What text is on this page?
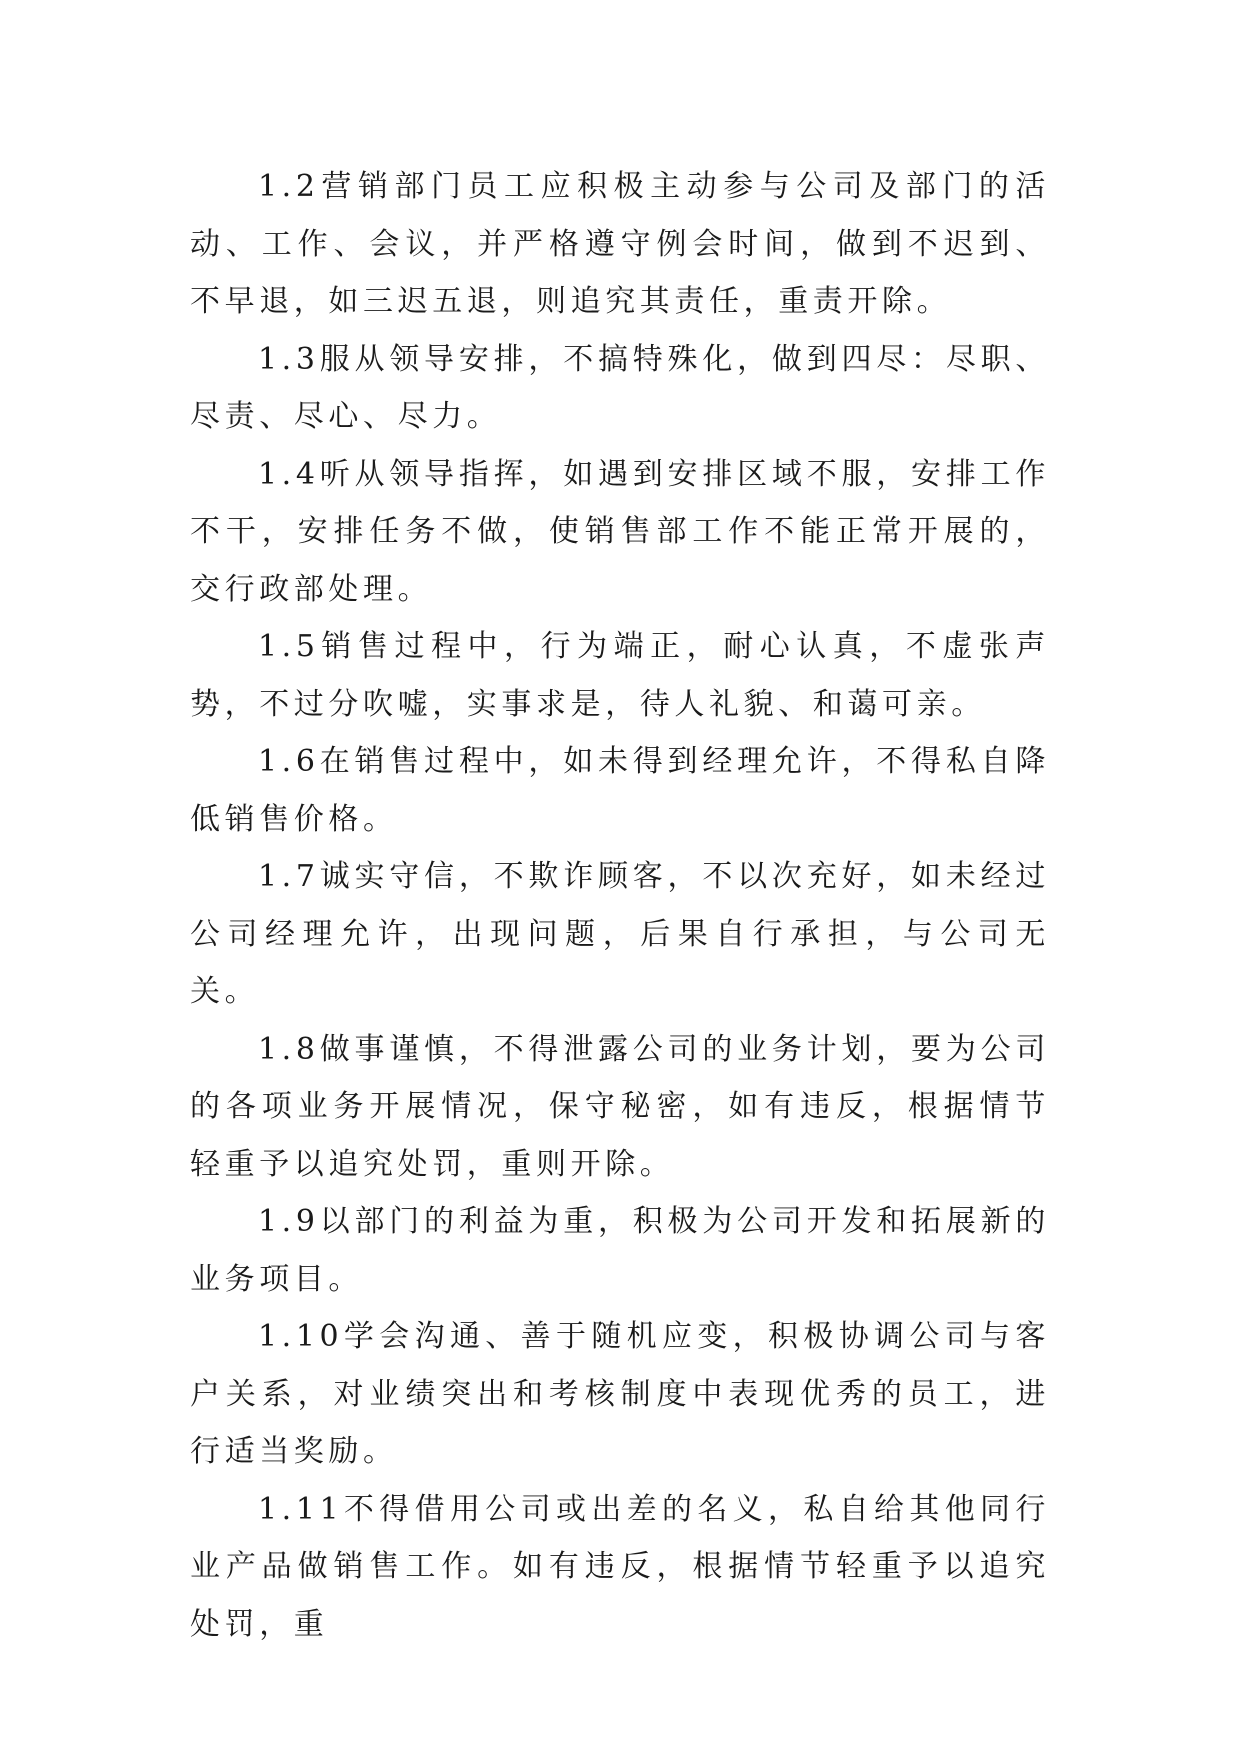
1.2营销部门员工应积极主动参与公司及部门的活动、工作、会议，并严格遵守例会时间，做到不迟到、不早退，如三迟五退，则追究其责任，重责开除。

1.3服从领导安排，不搞特殊化，做到四尽：尽职、尽责、尽心、尽力。

1.4听从领导指挥，如遇到安排区域不服，安排工作不干，安排任务不做，使销售部工作不能正常开展的，交行政部处理。

1.5销售过程中，行为端正，耐心认真，不虚张声势，不过分吹嘘，实事求是，待人礼貌、和蔼可亲。

1.6在销售过程中，如未得到经理允许，不得私自降低销售价格。

1.7诚实守信，不欺诈顾客，不以次充好，如未经过公司经理允许，出现问题，后果自行承担，与公司无关。

1.8做事谨慎，不得泄露公司的业务计划，要为公司的各项业务开展情况，保守秘密，如有违反，根据情节轻重予以追究处罚，重则开除。

1.9以部门的利益为重，积极为公司开发和拓展新的业务项目。

1.10学会沟通、善于随机应变，积极协调公司与客户关系，对业绩突出和考核制度中表现优秀的员工，进行适当奖励。

1.11不得借用公司或出差的名义，私自给其他同行业产品做销售工作。如有违反，根据情节轻重予以追究处罚，重
